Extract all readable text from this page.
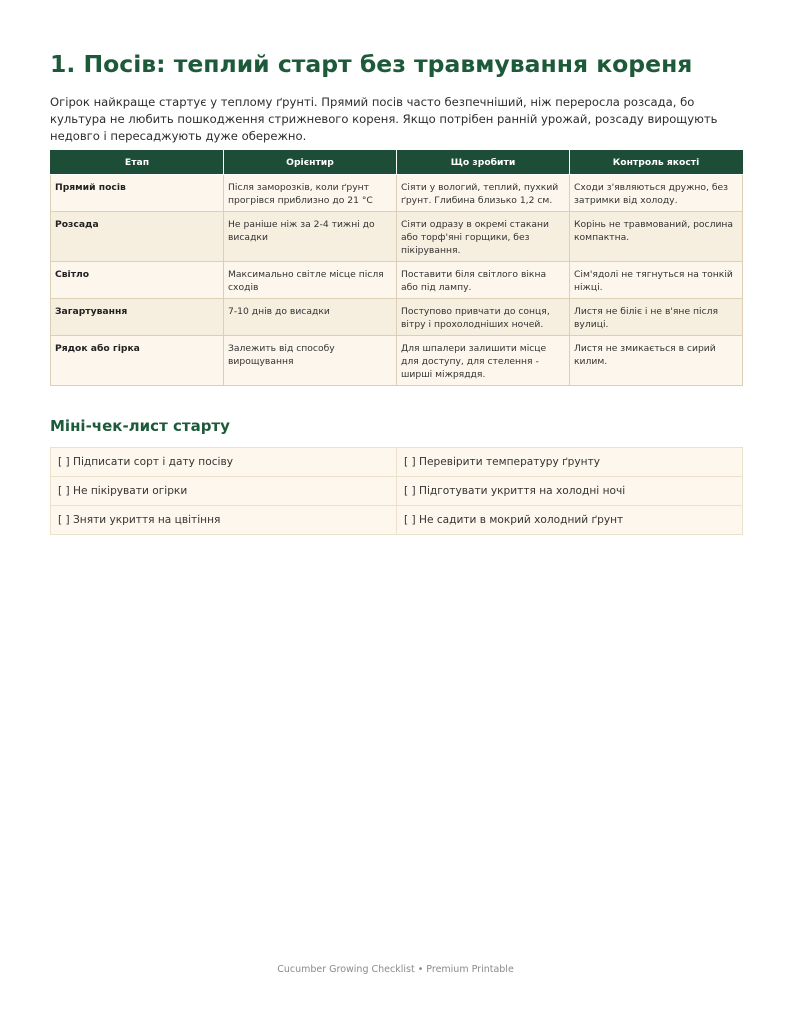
1. Посів: теплий старт без травмування кореня

Огірок найкраще стартує у теплому ґрунті. Прямий посів часто безпечніший, ніж переросла розсада, бо культура не любить пошкодження стрижневого кореня. Якщо потрібен ранній урожай, розсаду вирощують недовго і пересаджують дуже обережно.

Етап	Орієнтир	Що зробити	Контроль якості
Прямий посів	Після заморозків, коли ґрунт прогрівся приблизно до 21 °C	Сіяти у вологий, теплий, пухкий ґрунт. Глибина близько 1,2 см.	Сходи з'являються дружно, без затримки від холоду.
Розсада	Не раніше ніж за 2-4 тижні до висадки	Сіяти одразу в окремі стакани або торф'яні горщики, без пікірування.	Корінь не травмований, рослина компактна.
Світло	Максимально світле місце після сходів	Поставити біля світлого вікна або під лампу.	Сім'ядолі не тягнуться на тонкій ніжці.
Загартування	7-10 днів до висадки	Поступово привчати до сонця, вітру і прохолодніших ночей.	Листя не біліє і не в'яне після вулиці.
Рядок або гірка	Залежить від способу вирощування	Для шпалери залишити місце для доступу, для стелення - ширші міжряддя.	Листя не змикається в сирий килим.
Міні-чек-лист старту
[ ] Підписати сорт і дату посіву	[ ] Перевірити температуру ґрунту
[ ] Не пікірувати огірки	[ ] Підготувати укриття на холодні ночі
[ ] Зняти укриття на цвітіння	[ ] Не садити в мокрий холодний ґрунт
Cucumber Growing Checklist • Premium Printable
